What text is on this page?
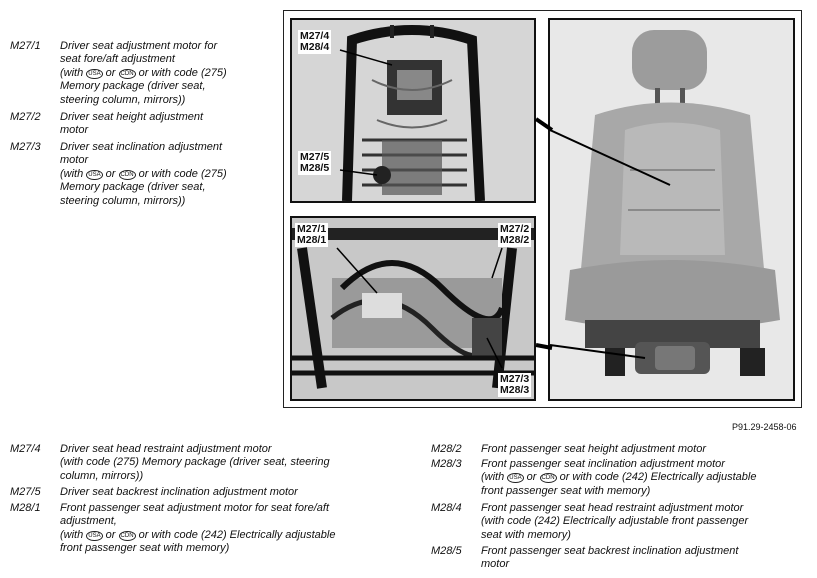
M27/1	Driver seat adjustment motor for
seat fore/aft adjustment
(with USA or CDN or with code (275)
Memory package (driver seat,
steering column, mirrors))
M27/2	Driver seat height adjustment
motor
M27/3	Driver seat inclination adjustment
motor
(with USA or CDN or with code (275)
Memory package (driver seat,
steering column, mirrors))
M27/4	Driver seat head restraint adjustment motor
(with code (275) Memory package (driver seat, steering
column, mirrors))
M27/5	Driver seat backrest inclination adjustment motor
M28/1	Front passenger seat adjustment motor for seat fore/aft
adjustment,
(with USA or CDN or with code (242) Electrically adjustable
front passenger seat with memory)
M28/2	Front passenger seat height adjustment motor
M28/3	Front passenger seat inclination adjustment motor
(with USA or CDN or with code (242) Electrically adjustable
front passenger seat with memory)
M28/4	Front passenger seat head restraint adjustment motor
(with code (242) Electrically adjustable front passenger
seat with memory)
M28/5	Front passenger seat backrest inclination adjustment
motor
M27/4
M28/4
M27/5
M28/5
M27/1
M28/1
M27/2
M28/2
M27/3
M28/3
P91.29-2458-06
